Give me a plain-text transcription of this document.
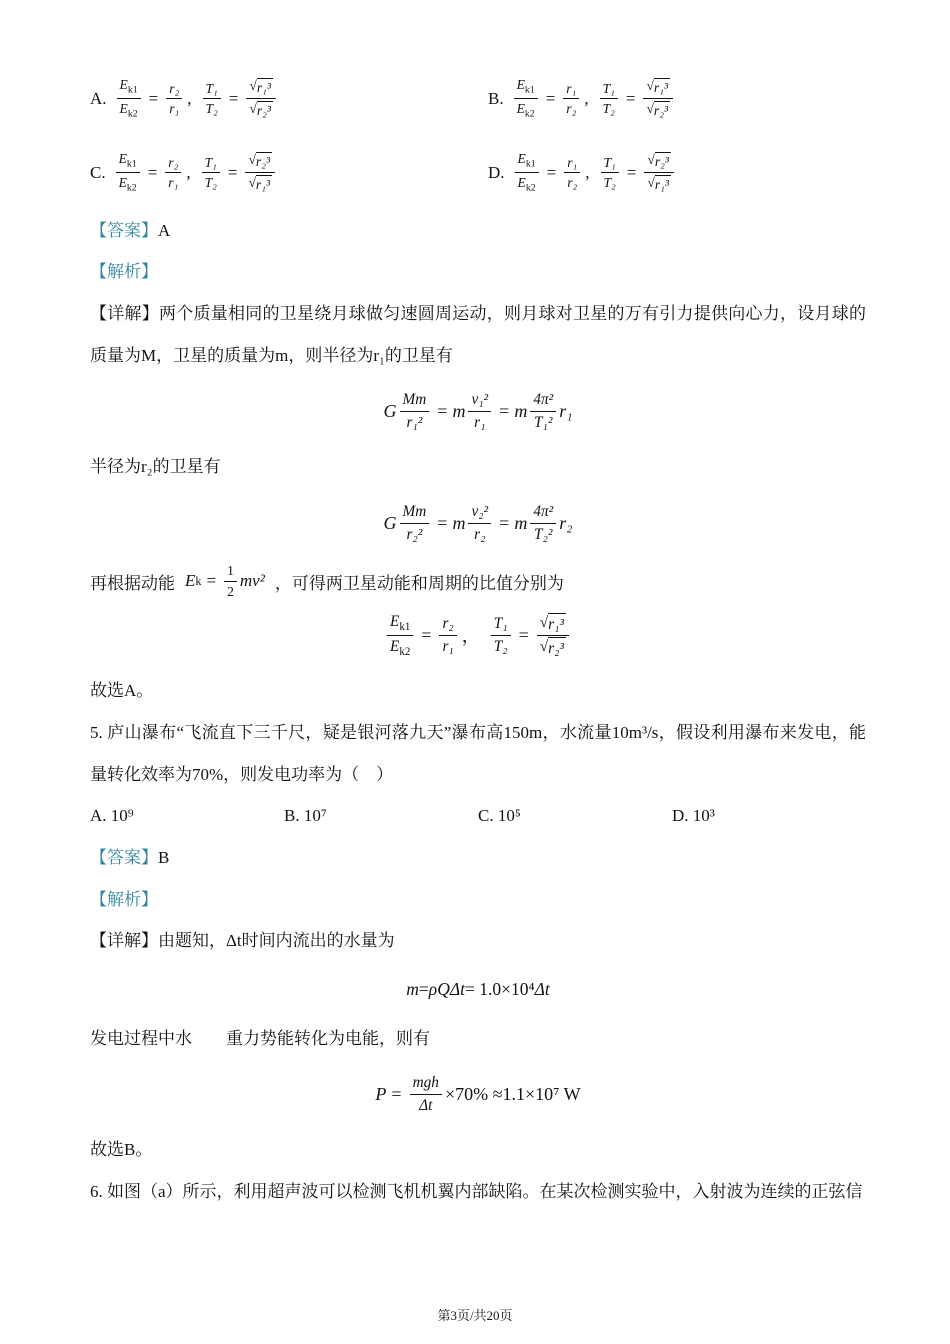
A. $\frac{E_{k1}}{E_{k2}} = \frac{\text{r₂}}{\text{r₁}}$ , $\frac{\text{T₁}}{\text{T₂}} = \frac{\text{√ r₁³}}{\text{√ r₂³}}$	B. $\frac{E_{k1}}{E_{k2}} = \frac{\text{r₁}}{\text{r₂}}$ , $\frac{\text{T₁}}{\text{T₂}} = \frac{\text{√ r₁³}}{\text{√ r₂³}}$
C. $\frac{E_{k1}}{E_{k2}} = \frac{\text{r₂}}{\text{r₁}}$ , $\frac{\text{T₁}}{\text{T₂}} = \frac{\text{√ r₂³}}{\text{√ r₁³}}$	D. $\frac{E_{k1}}{E_{k2}} = \frac{\text{r₁}}{\text{r₂}}$ , $\frac{\text{T₁}}{\text{T₂}} = \frac{\text{√ r₂³}}{\text{√ r₁³}}$

【答案】A

【解析】

【详解】两个质量相同的卫星绕月球做匀速圆周运动，则月球对卫星的万有引力提供向心力，设月球的质量为M，卫星的质量为m，则半径为r₁的卫星有

G $\frac{Mm}{\text{r₁²}} = m \frac{\text{v₁²}}{\text{r₁}} = m \frac{\text{4π²}}{\text{T₁²}} r_1$

半径为r₂的卫星有

G $\frac{Mm}{\text{r₂²}} = m \frac{\text{v₂²}}{\text{r₂}} = m \frac{\text{4π²}}{\text{T₂²}} r_2$

再根据动能 E $k = \frac{1}{2} mv^2$ ，可得两卫星动能和周期的比值分别为

$\frac{E_{k1}}{E_{k2}} = \frac{\text{r₂}}{\text{r₁}}$ ， $\frac{\text{T₁}}{\text{T₂}} = \frac{\text{√ r₁³}}{\text{√ r₂³}}$

故选A。

5. 庐山瀑布“飞流直下三千尺，疑是银河落九天”瀑布高150m，水流量10m³/s，假设利用瀑布来发电，能量转化效率为70%，则发电功率为（　）

A. 10⁹	B. 10⁷	C. 10⁵	D. 10³

【答案】B

【解析】

【详解】由题知，Δt时间内流出的水量为

m = ρQΔt = 1.0×10⁴ Δt

发电过程中水　　重力势能转化为电能，则有

$P = \frac{\text{mgh}}{\Delta t} \times 70\% \approx 1.1\times 10^7$ W

故选B。

6. 如图（a）所示，利用超声波可以检测飞机机翼内部缺陷。在某次检测实验中，入射波为连续的正弦信

第3页/共20页
